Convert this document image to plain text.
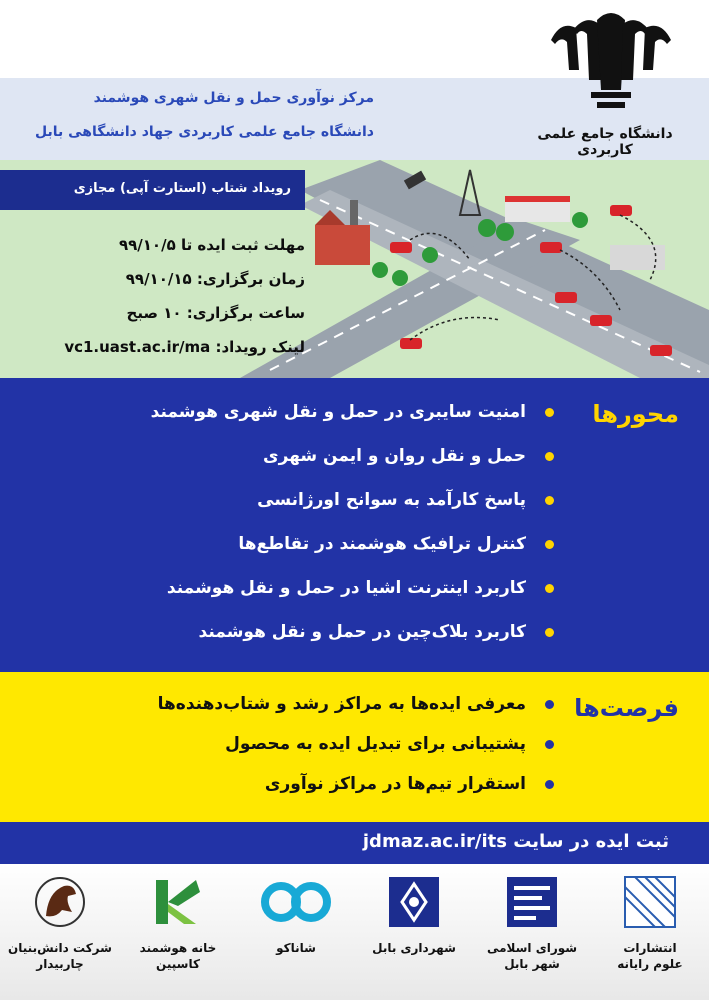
مرکز نوآوری حمل و نقل شهری هوشمند
دانشگاه جامع علمی کاربردی جهاد دانشگاهی بابل	دانشگاه جامع علمی کاربردی
رویداد شتاب (استارت آپی) مجازی
مهلت ثبت ایده تا ۹۹/۱۰/۵
زمان برگزاری: ۹۹/۱۰/۱۵
ساعت برگزاری: ۱۰ صبح
لینک رویداد: vc1.uast.ac.ir/ma
محورها
امنیت سایبری در حمل و نقل شهری هوشمند
حمل و نقل روان و ایمن شهری
پاسخ کارآمد به سوانح اورژانسی
کنترل ترافیک هوشمند در تقاطع‌ها
کاربرد اینترنت اشیا در حمل و نقل هوشمند
کاربرد بلاک‌چین در حمل و نقل هوشمند
فرصت‌ها
معرفی ایده‌ها به مراکز رشد و شتاب‌دهنده‌ها
پشتیبانی برای تبدیل ایده به محصول
استقرار تیم‌ها در مراکز نوآوری
ثبت ایده در سایت jdmaz.ac.ir/its
انتشارات
علوم رایانه
شورای اسلامی
شهر بابل
شهرداری بابل
شاناکو
خانه هوشمند
کاسپین
شرکت دانش‌بنیان
چاربیدار
